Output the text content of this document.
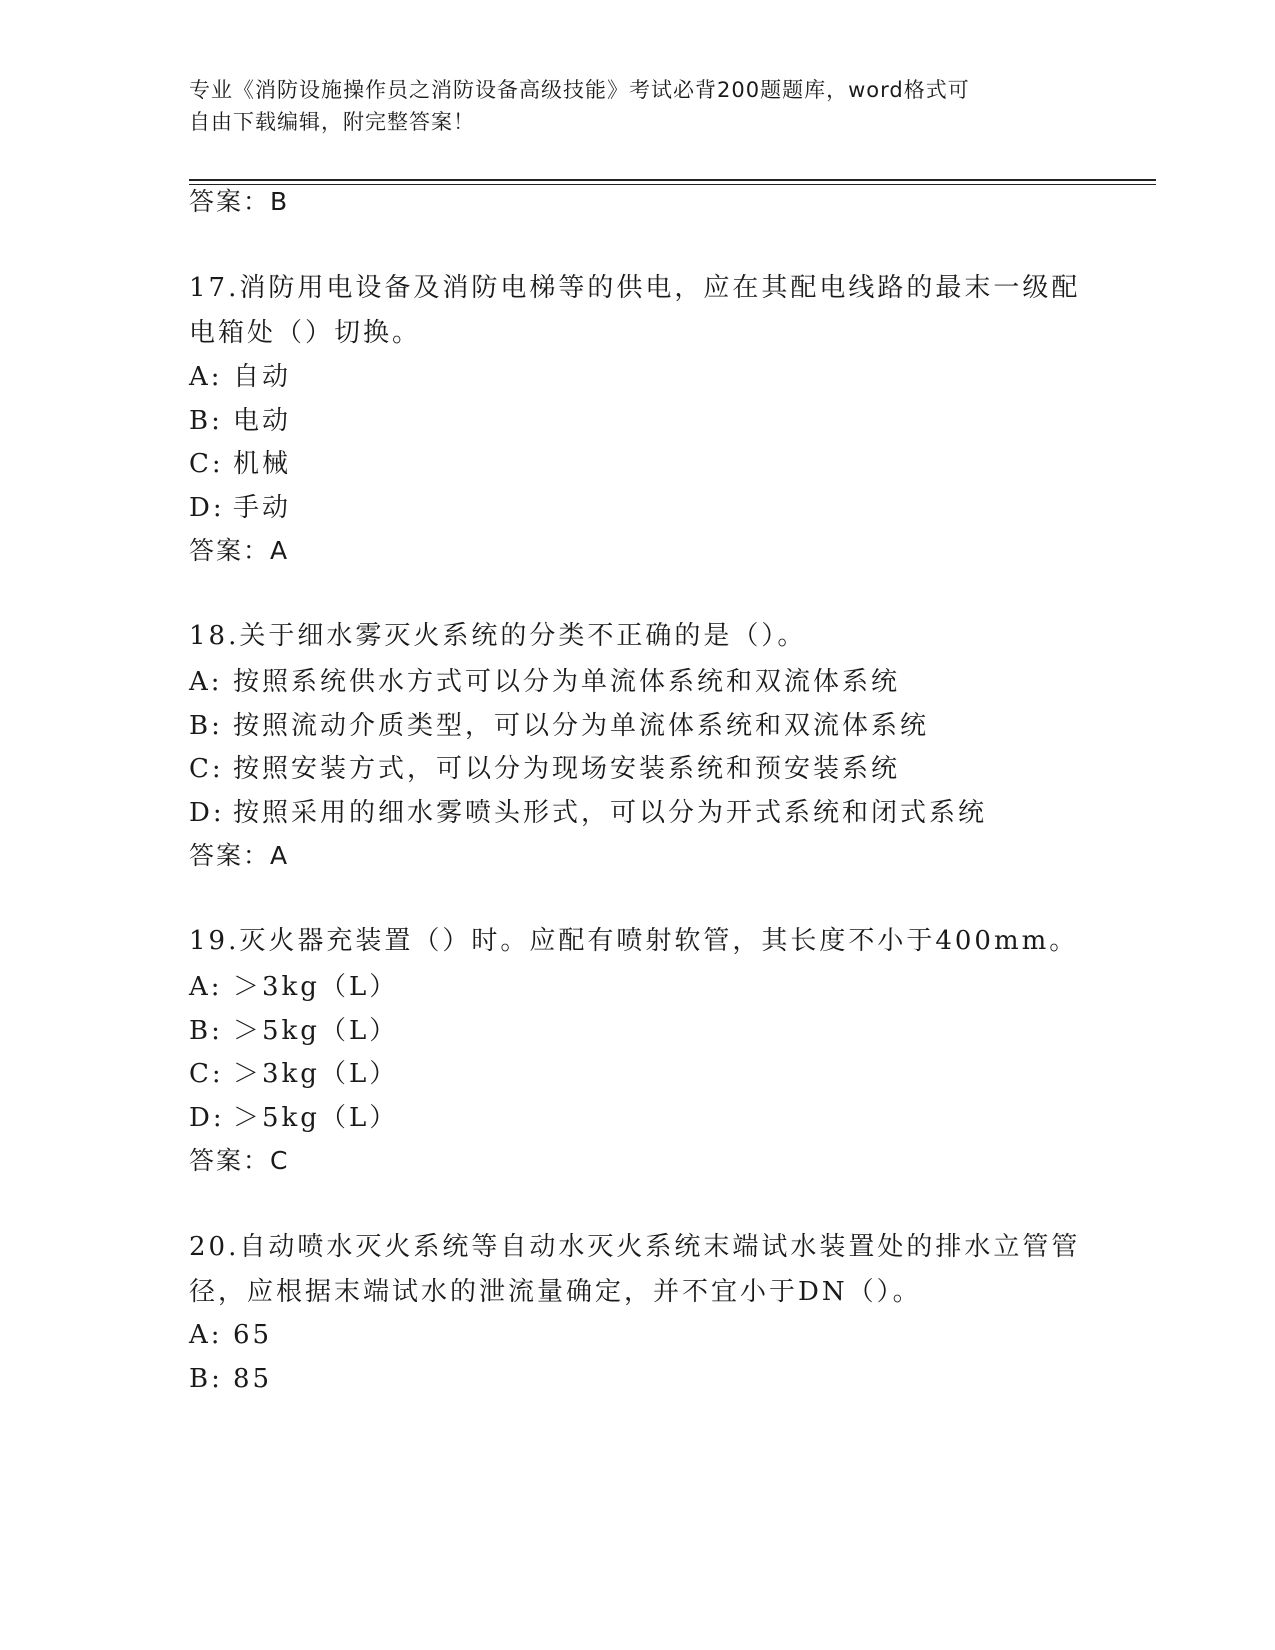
专业《消防设施操作员之消防设备高级技能》考试必背200题题库，word格式可
自由下载编辑，附完整答案！
答案：B
17.消防用电设备及消防电梯等的供电，应在其配电线路的最末一级配
电箱处（）切换。
A: 自动
B: 电动
C: 机械
D: 手动
答案：A
18.关于细水雾灭火系统的分类不正确的是（）。
A: 按照系统供水方式可以分为单流体系统和双流体系统
B: 按照流动介质类型，可以分为单流体系统和双流体系统
C: 按照安装方式，可以分为现场安装系统和预安装系统
D: 按照采用的细水雾喷头形式，可以分为开式系统和闭式系统
答案：A
19.灭火器充装置（）时。应配有喷射软管，其长度不小于400mm。
A: ＞3kg（L）
B: ＞5kg（L）
C: ＞3kg（L）
D: ＞5kg（L）
答案：C
20.自动喷水灭火系统等自动水灭火系统末端试水装置处的排水立管管
径，应根据末端试水的泄流量确定，并不宜小于DN（）。
A: 65
B: 85
